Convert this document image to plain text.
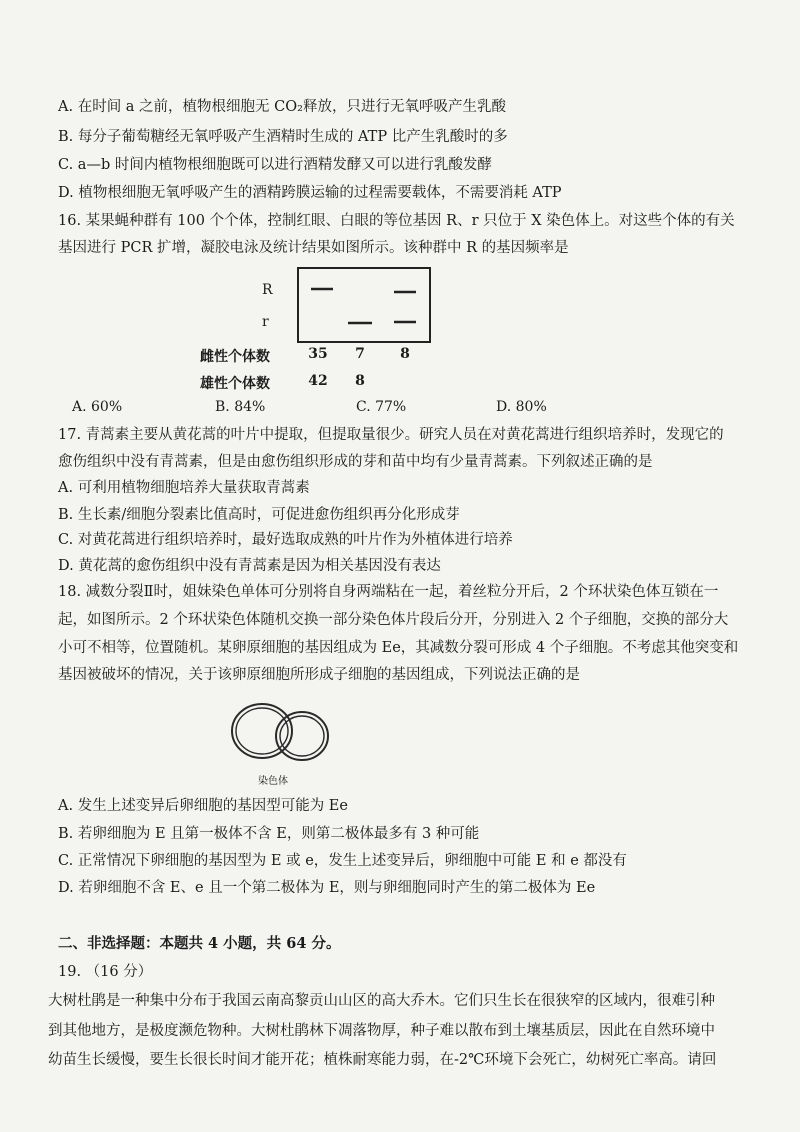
A. 在时间 a 之前，植物根细胞无 CO₂释放，只进行无氧呼吸产生乳酸
B. 每分子葡萄糖经无氧呼吸产生酒精时生成的 ATP 比产生乳酸时的多
C. a—b 时间内植物根细胞既可以进行酒精发酵又可以进行乳酸发酵
D. 植物根细胞无氧呼吸产生的酒精跨膜运输的过程需要载体，不需要消耗 ATP
16. 某果蝇种群有 100 个个体，控制红眼、白眼的等位基因 R、r 只位于 X 染色体上。对这些个体的有关
基因进行 PCR 扩增，凝胶电泳及统计结果如图所示。该种群中 R 的基因频率是
R
r
雌性个体数	35	7	8
雄性个体数	42	8
A. 60%	B. 84%	C. 77%	D. 80%
17. 青蒿素主要从黄花蒿的叶片中提取，但提取量很少。研究人员在对黄花蒿进行组织培养时，发现它的
愈伤组织中没有青蒿素，但是由愈伤组织形成的芽和苗中均有少量青蒿素。下列叙述正确的是
A. 可利用植物细胞培养大量获取青蒿素
B. 生长素/细胞分裂素比值高时，可促进愈伤组织再分化形成芽
C. 对黄花蒿进行组织培养时，最好选取成熟的叶片作为外植体进行培养
D. 黄花蒿的愈伤组织中没有青蒿素是因为相关基因没有表达
18. 减数分裂Ⅱ时，姐妹染色单体可分别将自身两端粘在一起，着丝粒分开后，2 个环状染色体互锁在一
起，如图所示。2 个环状染色体随机交换一部分染色体片段后分开，分别进入 2 个子细胞，交换的部分大
小可不相等，位置随机。某卵原细胞的基因组成为 Ee，其减数分裂可形成 4 个子细胞。不考虑其他突变和
基因被破坏的情况，关于该卵原细胞所形成子细胞的基因组成，下列说法正确的是
染色体
A. 发生上述变异后卵细胞的基因型可能为 Ee
B. 若卵细胞为 E 且第一极体不含 E，则第二极体最多有 3 种可能
C. 正常情况下卵细胞的基因型为 E 或 e，发生上述变异后，卵细胞中可能 E 和 e 都没有
D. 若卵细胞不含 E、e 且一个第二极体为 E，则与卵细胞同时产生的第二极体为 Ee
二、非选择题：本题共 4 小题，共 64 分。
19. （16 分）
大树杜鹃是一种集中分布于我国云南高黎贡山山区的高大乔木。它们只生长在很狭窄的区域内，很难引种
到其他地方，是极度濒危物种。大树杜鹃林下凋落物厚，种子难以散布到土壤基质层，因此在自然环境中
幼苗生长缓慢，要生长很长时间才能开花；植株耐寒能力弱，在-2℃环境下会死亡，幼树死亡率高。请回
